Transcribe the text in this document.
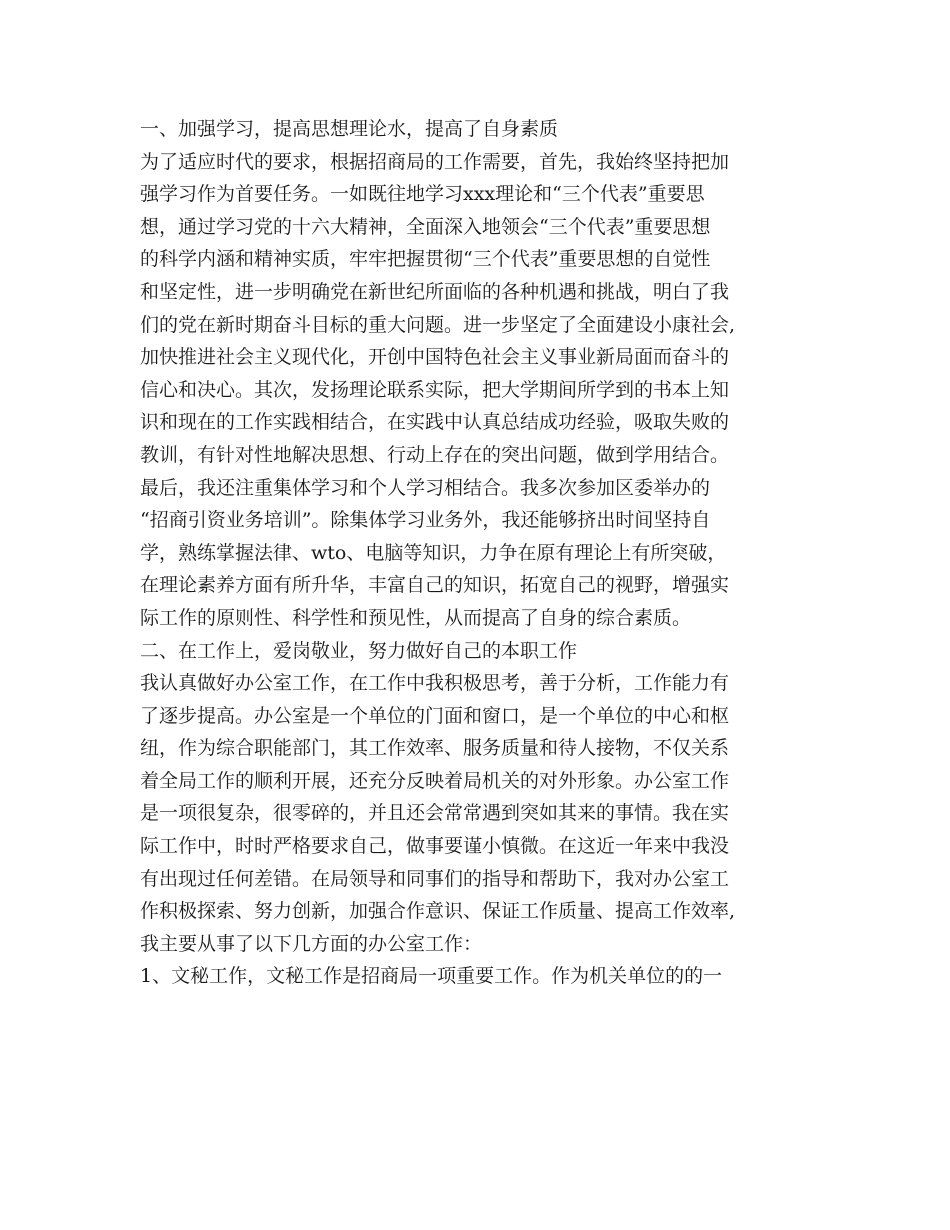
一、加强学习，提高思想理论水，提高了自身素质
为了适应时代的要求，根据招商局的工作需要，首先，我始终坚持把加
强学习作为首要任务。一如既往地学习xxx理论和“三个代表”重要思
想，通过学习党的十六大精神，全面深入地领会“三个代表”重要思想
的科学内涵和精神实质，牢牢把握贯彻“三个代表”重要思想的自觉性
和坚定性，进一步明确党在新世纪所面临的各种机遇和挑战，明白了我
们的党在新时期奋斗目标的重大问题。进一步坚定了全面建设小康社会,
加快推进社会主义现代化，开创中国特色社会主义事业新局面而奋斗的
信心和决心。其次，发扬理论联系实际，把大学期间所学到的书本上知
识和现在的工作实践相结合，在实践中认真总结成功经验，吸取失败的
教训，有针对性地解决思想、行动上存在的突出问题，做到学用结合。
最后，我还注重集体学习和个人学习相结合。我多次参加区委举办的
“招商引资业务培训”。除集体学习业务外，我还能够挤出时间坚持自
学，熟练掌握法律、wto、电脑等知识，力争在原有理论上有所突破，
在理论素养方面有所升华，丰富自己的知识，拓宽自己的视野，增强实
际工作的原则性、科学性和预见性，从而提高了自身的综合素质。
二、在工作上，爱岗敬业，努力做好自己的本职工作
我认真做好办公室工作，在工作中我积极思考，善于分析，工作能力有
了逐步提高。办公室是一个单位的门面和窗口，是一个单位的中心和枢
纽，作为综合职能部门，其工作效率、服务质量和待人接物，不仅关系
着全局工作的顺利开展，还充分反映着局机关的对外形象。办公室工作
是一项很复杂，很零碎的，并且还会常常遇到突如其来的事情。我在实
际工作中，时时严格要求自己，做事要谨小慎微。在这近一年来中我没
有出现过任何差错。在局领导和同事们的指导和帮助下，我对办公室工
作积极探索、努力创新，加强合作意识、保证工作质量、提高工作效率,
我主要从事了以下几方面的办公室工作：
1、文秘工作，文秘工作是招商局一项重要工作。作为机关单位的的一
